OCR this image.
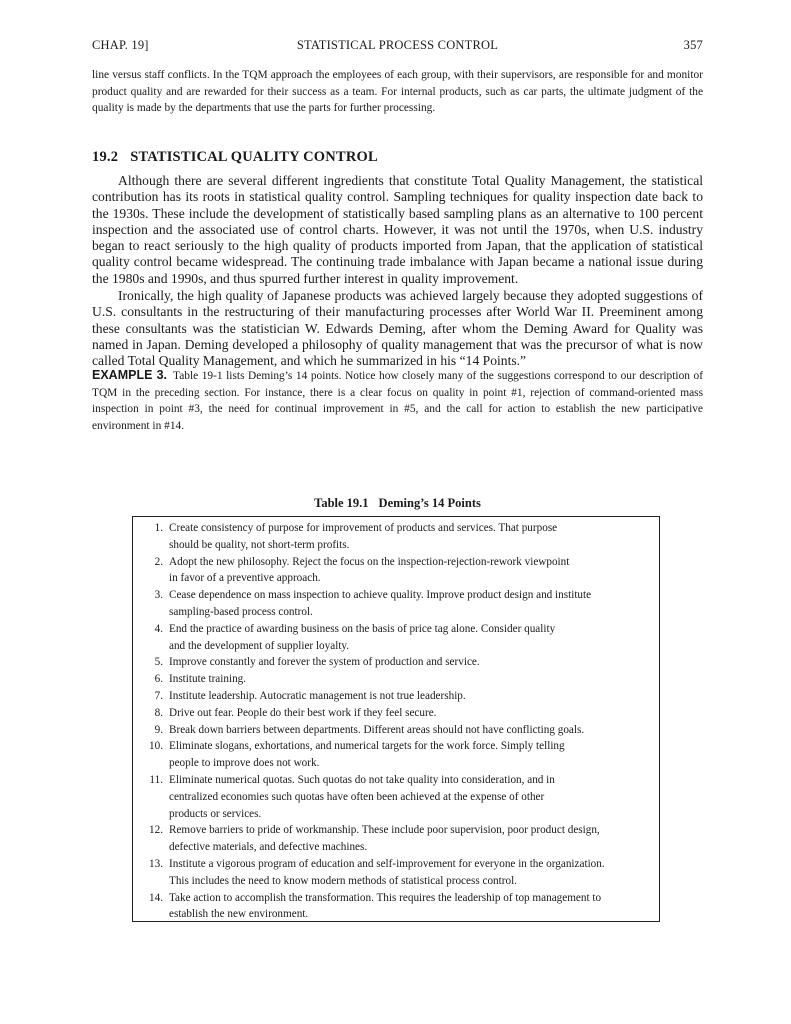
CHAP. 19]	STATISTICAL PROCESS CONTROL	357

line versus staff conflicts. In the TQM approach the employees of each group, with their supervisors, are responsible for and monitor product quality and are rewarded for their success as a team. For internal products, such as car parts, the ultimate judgment of the quality is made by the departments that use the parts for further processing.

19.2 STATISTICAL QUALITY CONTROL

Although there are several different ingredients that constitute Total Quality Management, the statistical contribution has its roots in statistical quality control. Sampling techniques for quality inspection date back to the 1930s. These include the development of statistically based sampling plans as an alternative to 100 percent inspection and the associated use of control charts. However, it was not until the 1970s, when U.S. industry began to react seriously to the high quality of products imported from Japan, that the application of statistical quality control became widespread. The continuing trade imbalance with Japan became a national issue during the 1980s and 1990s, and thus spurred further interest in quality improvement.

Ironically, the high quality of Japanese products was achieved largely because they adopted suggestions of U.S. consultants in the restructuring of their manufacturing processes after World War II. Preeminent among these consultants was the statistician W. Edwards Deming, after whom the Deming Award for Quality was named in Japan. Deming developed a philosophy of quality management that was the precursor of what is now called Total Quality Management, and which he summarized in his “14 Points.”

EXAMPLE 3. Table 19-1 lists Deming’s 14 points. Notice how closely many of the suggestions correspond to our description of TQM in the preceding section. For instance, there is a clear focus on quality in point #1, rejection of command-oriented mass inspection in point #3, the need for continual improvement in #5, and the call for action to establish the new participative environment in #14.

Table 19.1 Deming’s 14 Points

1. Create consistency of purpose for improvement of products and services. That purpose
should be quality, not short-term profits.
2. Adopt the new philosophy. Reject the focus on the inspection-rejection-rework viewpoint
in favor of a preventive approach.
3. Cease dependence on mass inspection to achieve quality. Improve product design and institute
sampling-based process control.
4. End the practice of awarding business on the basis of price tag alone. Consider quality
and the development of supplier loyalty.
5. Improve constantly and forever the system of production and service.
6. Institute training.
7. Institute leadership. Autocratic management is not true leadership.
8. Drive out fear. People do their best work if they feel secure.
9. Break down barriers between departments. Different areas should not have conflicting goals.
10. Eliminate slogans, exhortations, and numerical targets for the work force. Simply telling
people to improve does not work.
11. Eliminate numerical quotas. Such quotas do not take quality into consideration, and in
centralized economies such quotas have often been achieved at the expense of other
products or services.
12. Remove barriers to pride of workmanship. These include poor supervision, poor product design,
defective materials, and defective machines.
13. Institute a vigorous program of education and self-improvement for everyone in the organization.
This includes the need to know modern methods of statistical process control.
14. Take action to accomplish the transformation. This requires the leadership of top management to
establish the new environment.
